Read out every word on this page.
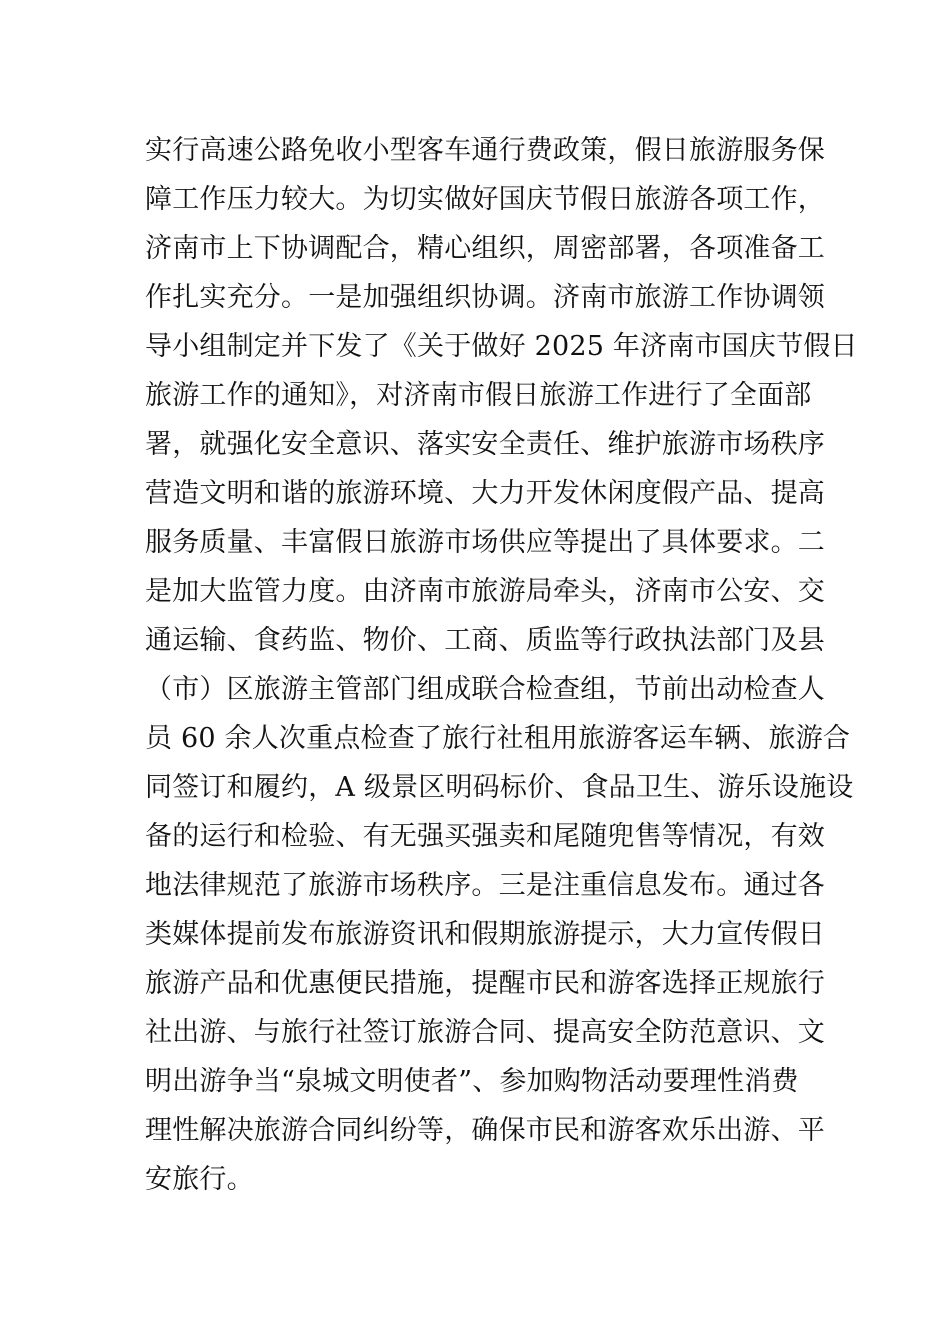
实行高速公路免收小型客车通行费政策，假日旅游服务保
障工作压力较大。为切实做好国庆节假日旅游各项工作，
济南市上下协调配合，精心组织，周密部署，各项准备工
作扎实充分。一是加强组织协调。济南市旅游工作协调领
导小组制定并下发了《关于做好 2025 年济南市国庆节假日
旅游工作的通知》，对济南市假日旅游工作进行了全面部
署，就强化安全意识、落实安全责任、维护旅游市场秩序
营造文明和谐的旅游环境、大力开发休闲度假产品、提高
服务质量、丰富假日旅游市场供应等提出了具体要求。二
是加大监管力度。由济南市旅游局牵头，济南市公安、交
通运输、食药监、物价、工商、质监等行政执法部门及县
（市）区旅游主管部门组成联合检查组，节前出动检查人
员 60 余人次重点检查了旅行社租用旅游客运车辆、旅游合
同签订和履约，A 级景区明码标价、食品卫生、游乐设施设
备的运行和检验、有无强买强卖和尾随兜售等情况，有效
地法律规范了旅游市场秩序。三是注重信息发布。通过各
类媒体提前发布旅游资讯和假期旅游提示，大力宣传假日
旅游产品和优惠便民措施，提醒市民和游客选择正规旅行
社出游、与旅行社签订旅游合同、提高安全防范意识、文
明出游争当“泉城文明使者”、参加购物活动要理性消费
理性解决旅游合同纠纷等，确保市民和游客欢乐出游、平
安旅行。
